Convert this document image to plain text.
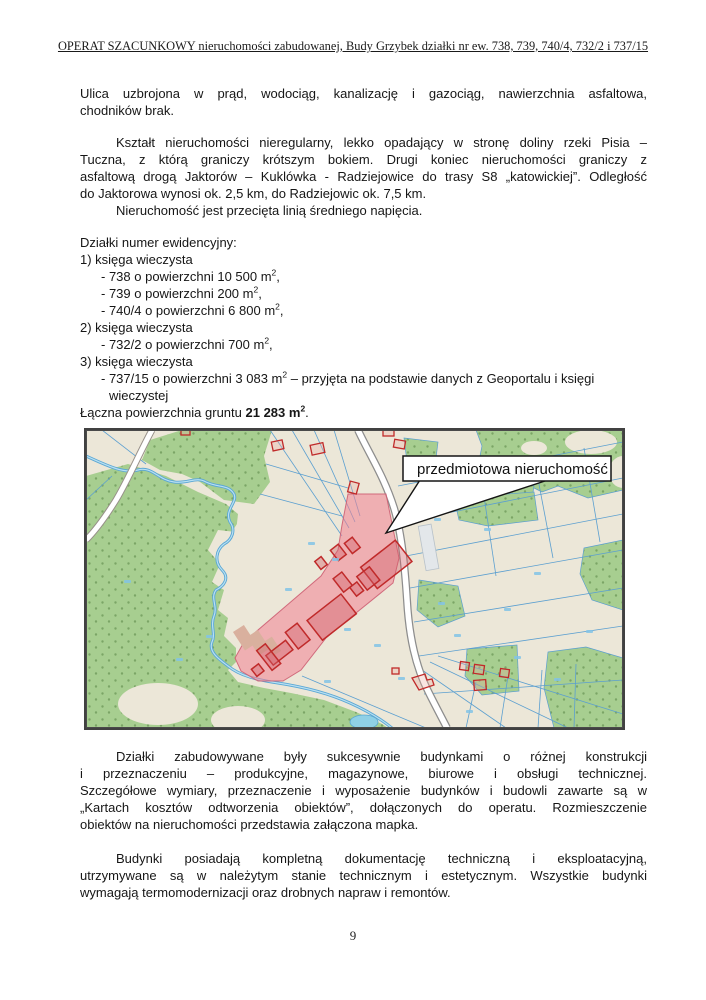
OPERAT SZACUNKOWY nieruchomości zabudowanej, Budy Grzybek działki nr ew. 738, 739, 740/4, 732/2 i 737/15
Ulica uzbrojona w prąd, wodociąg, kanalizację i gazociąg, nawierzchnia asfaltowa,
chodników brak.
Kształt nieruchomości nieregularny, lekko opadający w stronę doliny rzeki Pisia –
Tuczna, z którą graniczy krótszym bokiem. Drugi koniec nieruchomości graniczy z
asfaltową drogą Jaktorów – Kuklówka - Radziejowice do trasy S8 „katowickiej”. Odległość
do Jaktorowa wynosi ok. 2,5 km, do Radziejowic ok. 7,5 km.
Nieruchomość jest przecięta linią średniego napięcia.
Działki numer ewidencyjny:
1) księga wieczysta
- 738 o powierzchni 10 500 $m^2$,
- 739 o powierzchni 200 $m^2$,
- 740/4 o powierzchni 6 800 $m^2$,
2) księga wieczysta
- 732/2 o powierzchni 700 $m^2$,
3) księga wieczysta
- 737/15 o powierzchni 3 083 $m^2$ – przyjęta na podstawie danych z Geoportalu i księgi
wieczystej
Łączna powierzchnia gruntu 21 283 $m^2$.
przedmiotowa nieruchomość
Działki zabudowywane były sukcesywnie budynkami o różnej konstrukcji
i przeznaczeniu – produkcyjne, magazynowe, biurowe i obsługi technicznej.
Szczegółowe wymiary, przeznaczenie i wyposażenie budynków i budowli zawarte są w
„Kartach kosztów odtworzenia obiektów”, dołączonych do operatu. Rozmieszczenie
obiektów na nieruchomości przedstawia załączona mapka.
Budynki posiadają kompletną dokumentację techniczną i eksploatacyjną,
utrzymywane są w należytym stanie technicznym i estetycznym. Wszystkie budynki
wymagają termomodernizacji oraz drobnych napraw i remontów.
9
